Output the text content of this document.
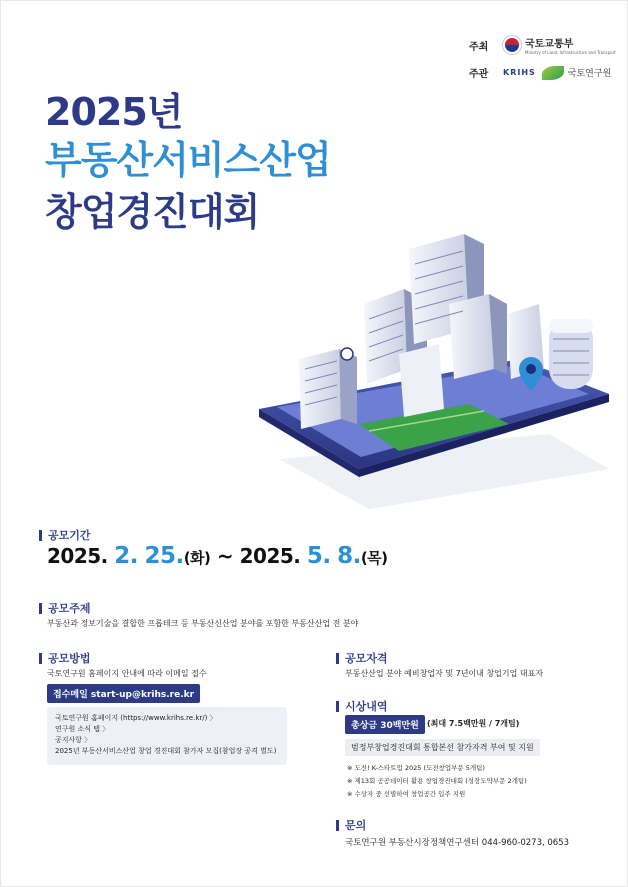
주최	국토교통부
Ministry of Land, Infrastructure and Transport
주관	KRIHS	국토연구원
2025년
부동산서비스산업
창업경진대회
공모기간
2025. 2. 25.(화) ~ 2025. 5. 8.(목)
공모주제
부동산과 정보기술을 결합한 프롭테크 등 부동산신산업 분야를 포함한 부동산산업 전 분야
공모방법
국토연구원 홈페이지 안내에 따라 이메일 접수
접수메일 start-up@krihs.re.kr
국토연구원 홈페이지 (https://www.krihs.re.kr/) 〉
연구원 소식 탭 〉
공지사항 〉
2025년 부동산서비스산업 창업 경진대회 참가자 모집(참업장 공격 별도)
공모자격
부동산산업 분야 예비창업자 및 7년이내 창업기업 대표자
시상내역
총상금 30백만원	(최대 7.5백만원 / 7개팀)
범정부창업경진대회 통합본선 참가자격 부여 및 지원
※ 도전! K-스타트업 2025 (도전창업부문 5개팀)
※ 제13회 공공데이터 활용 창업경진대회 (성장도약부문 2개팀)
※ 수상자 중 선별하여 창업공간 입주 지원
문의
국토연구원 부동산시장정책연구센터 044-960-0273, 0653
